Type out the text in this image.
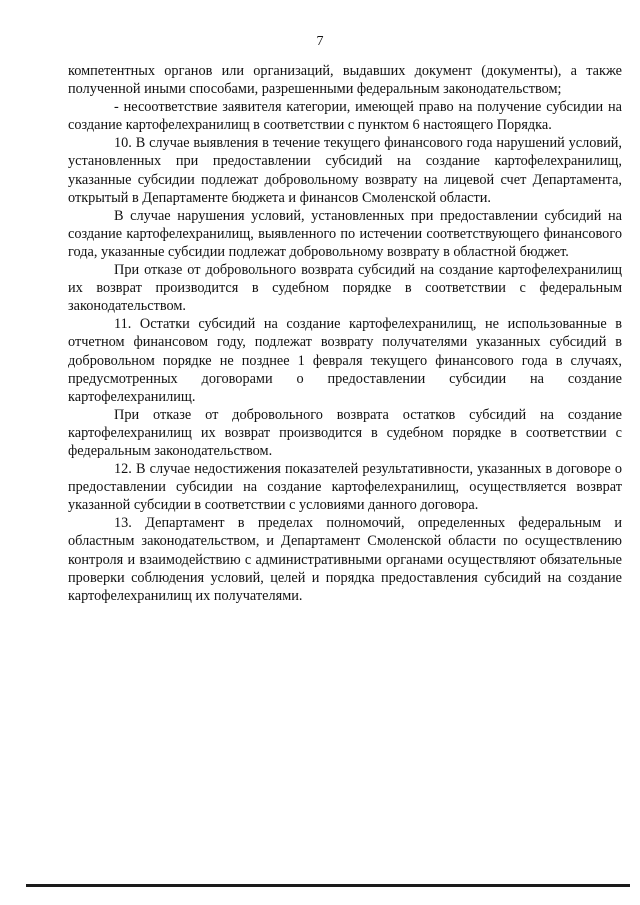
7

компетентных органов или организаций, выдавших документ (документы), а также полученной иными способами, разрешенными федеральным законодательством;

- несоответствие заявителя категории, имеющей право на получение субсидии на создание картофелехранилищ в соответствии с пунктом 6 настоящего Порядка.

10. В случае выявления в течение текущего финансового года нарушений условий, установленных при предоставлении субсидий на создание картофелехранилищ, указанные субсидии подлежат добровольному возврату на лицевой счет Департамента, открытый в Департаменте бюджета и финансов Смоленской области.

В случае нарушения условий, установленных при предоставлении субсидий на создание картофелехранилищ, выявленного по истечении соответствующего финансового года, указанные субсидии подлежат добровольному возврату в областной бюджет.

При отказе от добровольного возврата субсидий на создание картофелехранилищ их возврат производится в судебном порядке в соответствии с федеральным законодательством.

11. Остатки субсидий на создание картофелехранилищ, не использованные в отчетном финансовом году, подлежат возврату получателями указанных субсидий в добровольном порядке не позднее 1 февраля текущего финансового года в случаях, предусмотренных договорами о предоставлении субсидии на создание картофелехранилищ.

При отказе от добровольного возврата остатков субсидий на создание картофелехранилищ их возврат производится в судебном порядке в соответствии с федеральным законодательством.

12. В случае недостижения показателей результативности, указанных в договоре о предоставлении субсидии на создание картофелехранилищ, осуществляется возврат указанной субсидии в соответствии с условиями данного договора.

13. Департамент в пределах полномочий, определенных федеральным и областным законодательством, и Департамент Смоленской области по осуществлению контроля и взаимодействию с административными органами осуществляют обязательные проверки соблюдения условий, целей и порядка предоставления субсидий на создание картофелехранилищ их получателями.
